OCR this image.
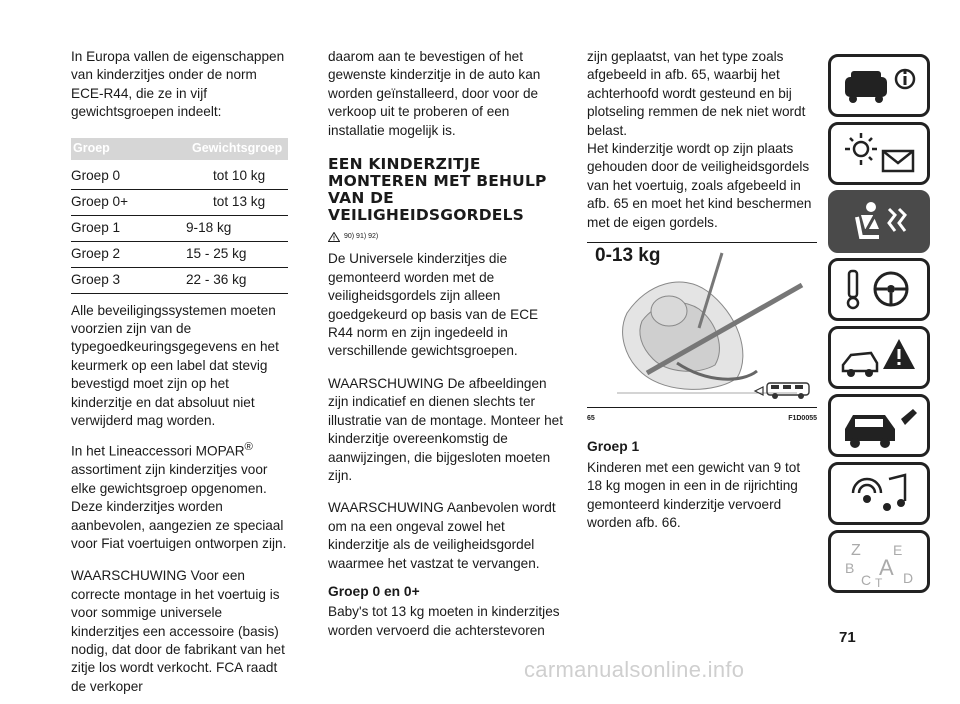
In Europa vallen de eigenschappen van kinderzitjes onder de norm ECE-R44, die ze in vijf gewichtsgroepen indeelt:

Groep	Gewichtsgroep
Groep 0	tot 10 kg
Groep 0+	tot 13 kg
Groep 1	9-18 kg
Groep 2	15 - 25 kg
Groep 3	22 - 36 kg

Alle beveiligingssystemen moeten voorzien zijn van de typegoedkeuringsgegevens en het keurmerk op een label dat stevig bevestigd moet zijn op het kinderzitje en dat absoluut niet verwijderd mag worden.

In het Lineaccessori MOPAR® assortiment zijn kinderzitjes voor elke gewichtsgroep opgenomen. Deze kinderzitjes worden aanbevolen, aangezien ze speciaal voor Fiat voertuigen ontworpen zijn.

WAARSCHUWING Voor een correcte montage in het voertuig is voor sommige universele kinderzitjes een accessoire (basis) nodig, dat door de fabrikant van het zitje los wordt verkocht. FCA raadt de verkoper

daarom aan te bevestigen of het gewenste kinderzitje in de auto kan worden geïnstalleerd, door voor de verkoop uit te proberen of een installatie mogelijk is.

EEN KINDERZITJE MONTEREN MET BEHULP VAN DE VEILIGHEIDSGORDELS
90) 91) 92)

De Universele kinderzitjes die gemonteerd worden met de veiligheidsgordels zijn alleen goedgekeurd op basis van de ECE R44 norm en zijn ingedeeld in verschillende gewichtsgroepen.

WAARSCHUWING De afbeeldingen zijn indicatief en dienen slechts ter illustratie van de montage. Monteer het kinderzitje overeenkomstig de aanwijzingen, die bijgesloten moeten zijn.

WAARSCHUWING Aanbevolen wordt om na een ongeval zowel het kinderzitje als de veiligheidsgordel waarmee het vastzat te vervangen.

Groep 0 en 0+

Baby's tot 13 kg moeten in kinderzitjes worden vervoerd die achterstevoren

zijn geplaatst, van het type zoals afgebeeld in afb. 65, waarbij het achterhoofd wordt gesteund en bij plotseling remmen de nek niet wordt belast.

Het kinderzitje wordt op zijn plaats gehouden door de veiligheidsgordels van het voertuig, zoals afgebeeld in afb. 65 en moet het kind beschermen met de eigen gordels.

0-13 kg
65	F1D0055
Groep 1

Kinderen met een gewicht van 9 tot 18 kg mogen in een in de rijrichting gemonteerd kinderzitje vervoerd worden afb. 66.

Z E
B A
C T D
71
carmanualsonline.info
